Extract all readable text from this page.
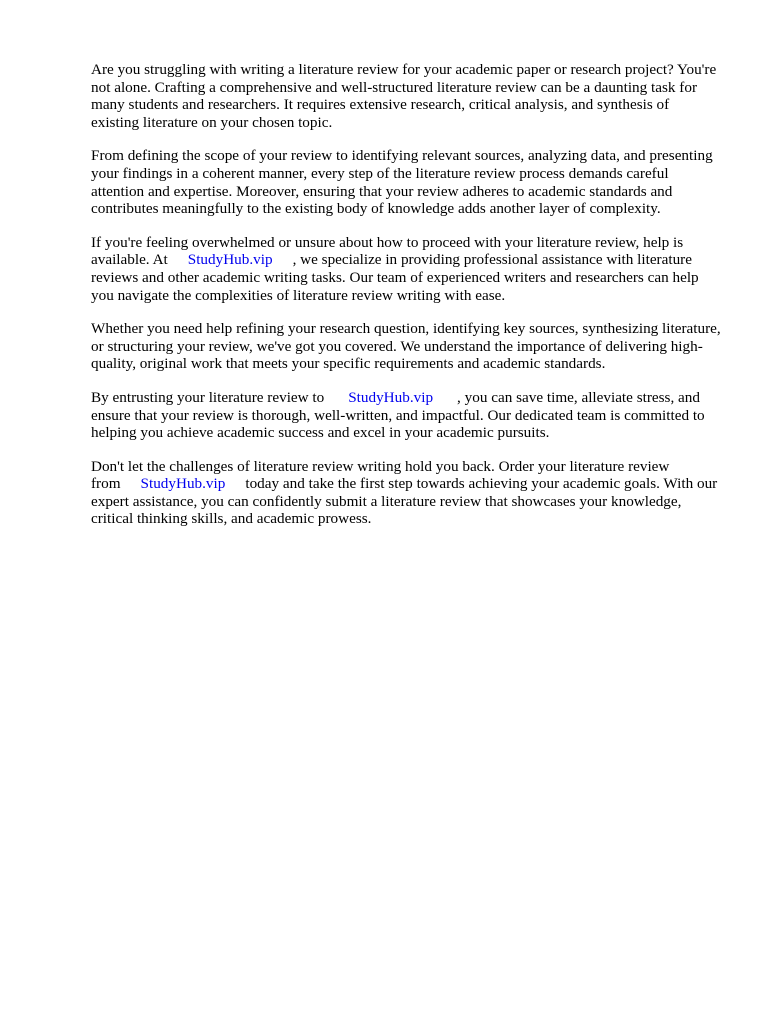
Are you struggling with writing a literature review for your academic paper or research project? You're not alone. Crafting a comprehensive and well-structured literature review can be a daunting task for many students and researchers. It requires extensive research, critical analysis, and synthesis of existing literature on your chosen topic.

From defining the scope of your review to identifying relevant sources, analyzing data, and presenting your findings in a coherent manner, every step of the literature review process demands careful attention and expertise. Moreover, ensuring that your review adheres to academic standards and contributes meaningfully to the existing body of knowledge adds another layer of complexity.

If you're feeling overwhelmed or unsure about how to proceed with your literature review, help is available. At StudyHub.vip , we specialize in providing professional assistance with literature reviews and other academic writing tasks. Our team of experienced writers and researchers can help you navigate the complexities of literature review writing with ease.

Whether you need help refining your research question, identifying key sources, synthesizing literature, or structuring your review, we've got you covered. We understand the importance of delivering high-quality, original work that meets your specific requirements and academic standards.

By entrusting your literature review to StudyHub.vip , you can save time, alleviate stress, and ensure that your review is thorough, well-written, and impactful. Our dedicated team is committed to helping you achieve academic success and excel in your academic pursuits.

Don't let the challenges of literature review writing hold you back. Order your literature review from StudyHub.vip today and take the first step towards achieving your academic goals. With our expert assistance, you can confidently submit a literature review that showcases your knowledge, critical thinking skills, and academic prowess.
